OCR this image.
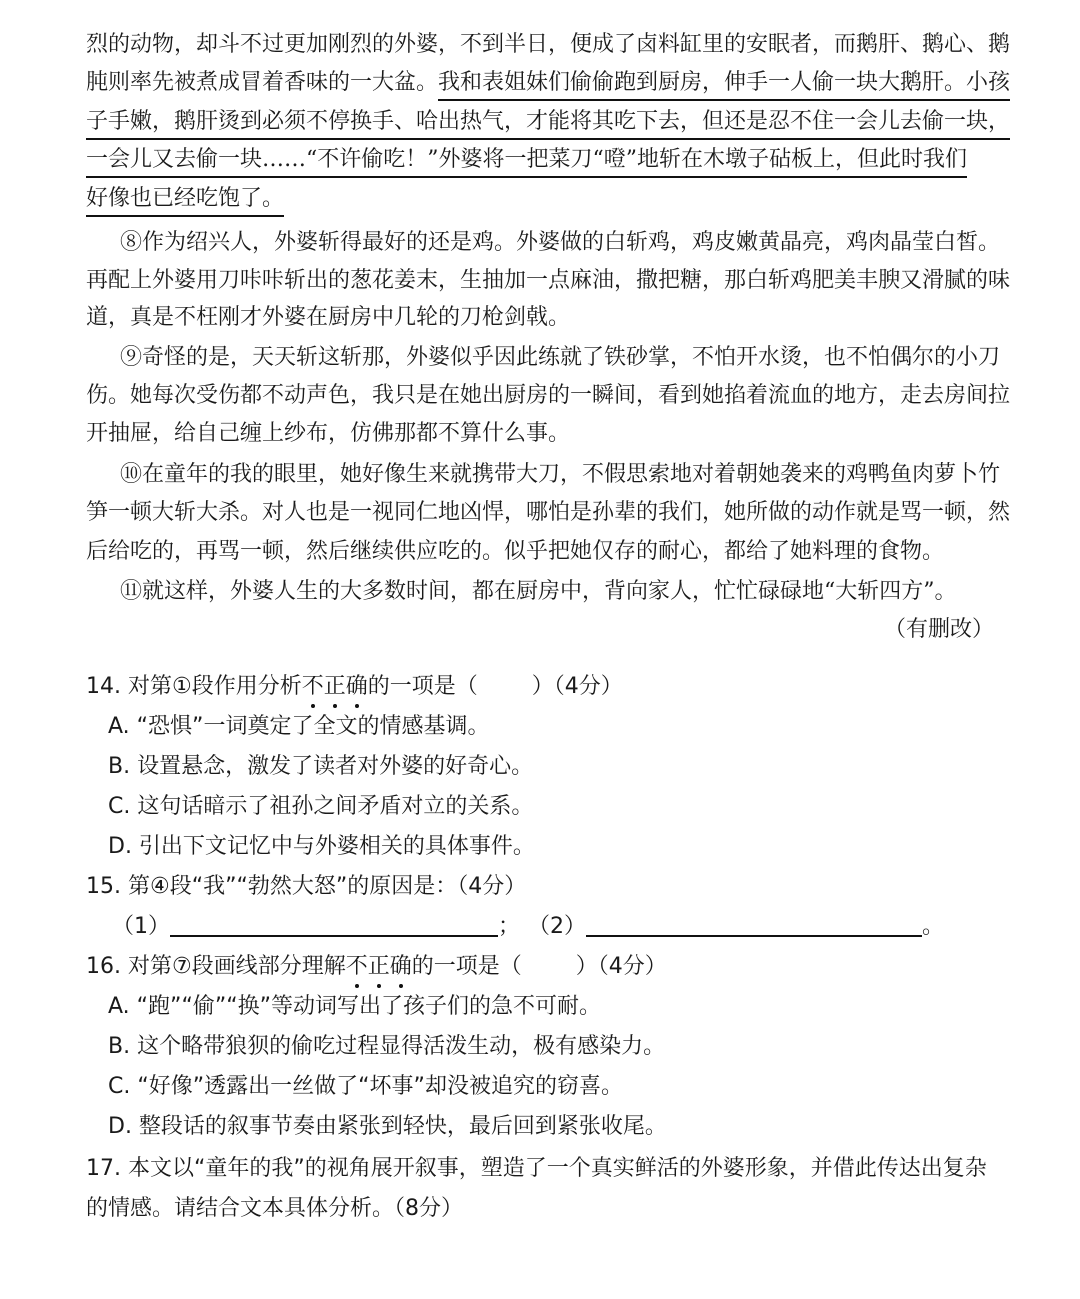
烈的动物，却斗不过更加刚烈的外婆，不到半日，便成了卤料缸里的安眠者，而鹅肝、鹅心、鹅
肫则率先被煮成冒着香味的一大盆。我和表姐妹们偷偷跑到厨房，伸手一人偷一块大鹅肝。小孩
子手嫩，鹅肝烫到必须不停换手、哈出热气，才能将其吃下去，但还是忍不住一会儿去偷一块，
一会儿又去偷一块……“不许偷吃！”外婆将一把菜刀“噔”地斩在木墩子砧板上，但此时我们
好像也已经吃饱了。
⑧作为绍兴人，外婆斩得最好的还是鸡。外婆做的白斩鸡，鸡皮嫩黄晶亮，鸡肉晶莹白皙。
再配上外婆用刀咔咔斩出的葱花姜末，生抽加一点麻油，撒把糖，那白斩鸡肥美丰腴又滑腻的味
道，真是不枉刚才外婆在厨房中几轮的刀枪剑戟。
⑨奇怪的是，天天斩这斩那，外婆似乎因此练就了铁砂掌，不怕开水烫，也不怕偶尔的小刀
伤。她每次受伤都不动声色，我只是在她出厨房的一瞬间，看到她掐着流血的地方，走去房间拉
开抽屉，给自己缠上纱布，仿佛那都不算什么事。
⑩在童年的我的眼里，她好像生来就携带大刀，不假思索地对着朝她袭来的鸡鸭鱼肉萝卜竹
笋一顿大斩大杀。对人也是一视同仁地凶悍，哪怕是孙辈的我们，她所做的动作就是骂一顿，然
后给吃的，再骂一顿，然后继续供应吃的。似乎把她仅存的耐心，都给了她料理的食物。
⑪就这样，外婆人生的大多数时间，都在厨房中，背向家人，忙忙碌碌地“大斩四方”。
（有删改）
14. 对第①段作用分析不正确的一项是（ ）（4分）
A. “恐惧”一词奠定了全文的情感基调。
B. 设置悬念，激发了读者对外婆的好奇心。
C. 这句话暗示了祖孙之间矛盾对立的关系。
D. 引出下文记忆中与外婆相关的具体事件。
15. 第④段“我”“勃然大怒”的原因是：（4分）
（1）	； （2）	。
16. 对第⑦段画线部分理解不正确的一项是（ ）（4分）
A. “跑”“偷”“换”等动词写出了孩子们的急不可耐。
B. 这个略带狼狈的偷吃过程显得活泼生动，极有感染力。
C. “好像”透露出一丝做了“坏事”却没被追究的窃喜。
D. 整段话的叙事节奏由紧张到轻快，最后回到紧张收尾。
17. 本文以“童年的我”的视角展开叙事，塑造了一个真实鲜活的外婆形象，并借此传达出复杂
的情感。请结合文本具体分析。（8分）
